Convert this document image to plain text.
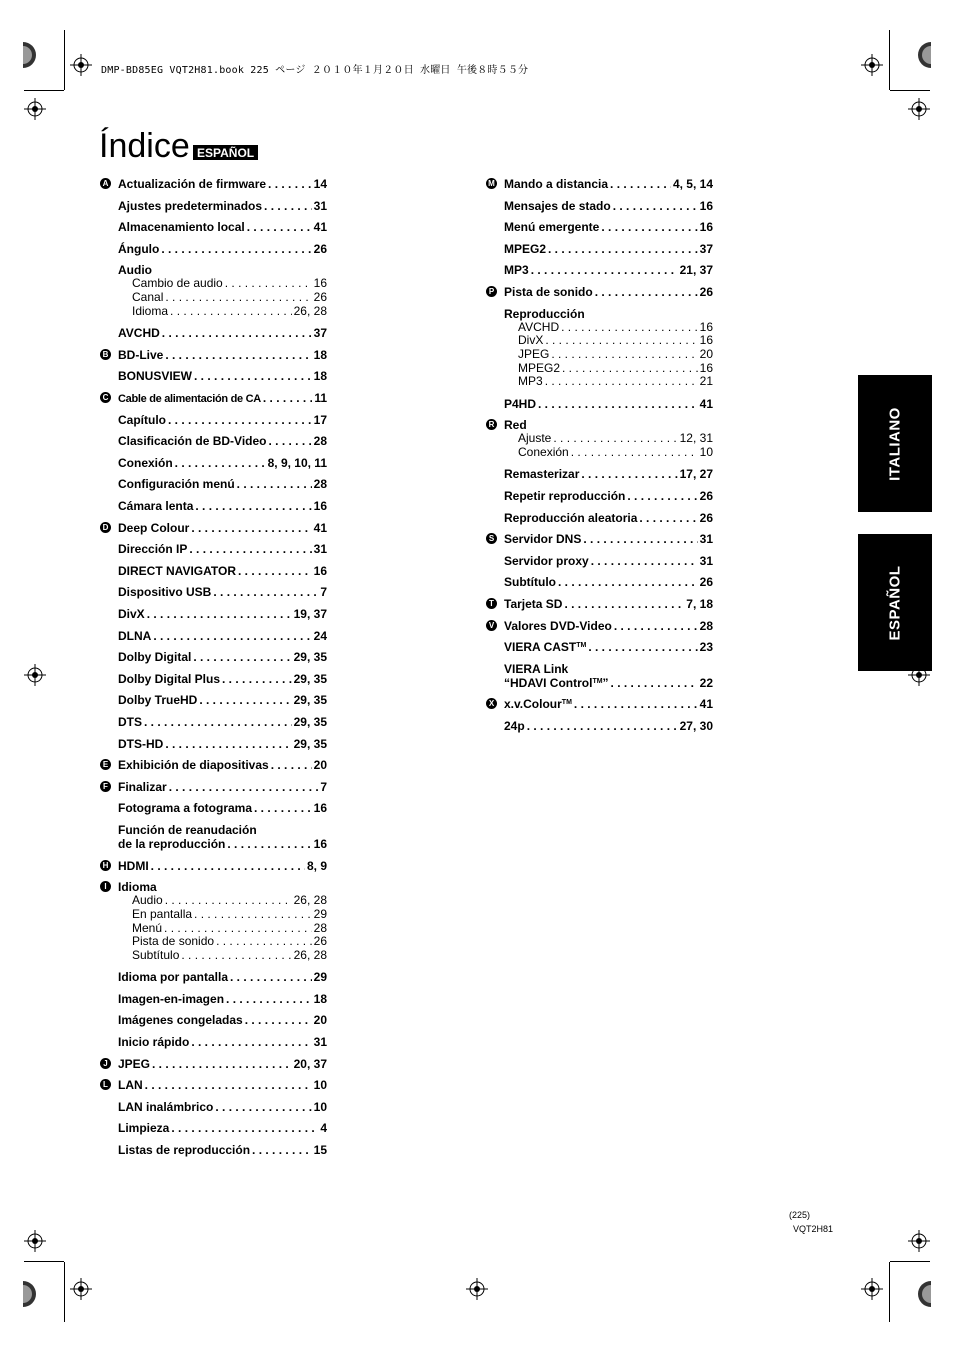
DMP-BD85EG VQT2H81.book 225 ページ ２０１０年１月２０日 水曜日 午後８時５５分
Índice ESPAÑOL
A Actualización de firmware . . .	14
Ajustes predeterminados . . .	31
Almacenamiento local . . .	41
Ángulo . . .	26
Audio
Cambio de audio . . .	16
Canal . . .	26
Idioma . . .	26, 28
AVCHD . . .	37
B BD-Live . . .	18
BONUSVIEW . . .	18
C Cable de alimentación de CA . . .	11
Capítulo . . .	17
Clasificación de BD-Video . . .	28
Conexión . . .	8, 9, 10, 11
Configuración menú . . .	28
Cámara lenta . . .	16
D Deep Colour . . .	41
Dirección IP . . .	31
DIRECT NAVIGATOR . . .	16
Dispositivo USB . . .	7
DivX . . .	19, 37
DLNA . . .	24
Dolby Digital . . .	29, 35
Dolby Digital Plus . . .	29, 35
Dolby TrueHD . . .	29, 35
DTS . . .	29, 35
DTS-HD . . .	29, 35
E Exhibición de diapositivas . . .	20
F Finalizar . . .	7
Fotograma a fotograma . . .	16
Función de reanudación
de la reproducción . . .	16
H HDMI . . .	8, 9
I Idioma
Audio . . .	26, 28
En pantalla . . .	29
Menú . . .	28
Pista de sonido . . .	26
Subtítulo . . .	26, 28
Idioma por pantalla . . .	29
Imagen-en-imagen . . .	18
Imágenes congeladas . . .	20
Inicio rápido . . .	31
J JPEG . . .	20, 37
L LAN . . .	10
LAN inalámbrico . . .	10
Limpieza . . .	4
Listas de reproducción . . .	15
M Mando a distancia . . .	4, 5, 14
Mensajes de stado . . .	16
Menú emergente . . .	16
MPEG2 . . .	37
MP3 . . .	21, 37
P Pista de sonido . . .	26
Reproducción
AVCHD . . .	16
DivX . . .	16
JPEG . . .	20
MPEG2 . . .	16
MP3 . . .	21
P4HD . . .	41
R Red
Ajuste . . .	12, 31
Conexión . . .	10
Remasterizar . . .	17, 27
Repetir reproducción . . .	26
Reproducción aleatoria . . .	26
S Servidor DNS . . .	31
Servidor proxy . . .	31
Subtítulo . . .	26
T Tarjeta SD . . .	7, 18
V Valores DVD-Video . . .	28
VIERA CAST™ . . .	23
VIERA Link
“HDAVI Control™” . . .	22
X x.v.Colour™ . . .	41
24p . . .	27, 30
ITALIANO
ESPAÑOL
(225)
VQT2H81
